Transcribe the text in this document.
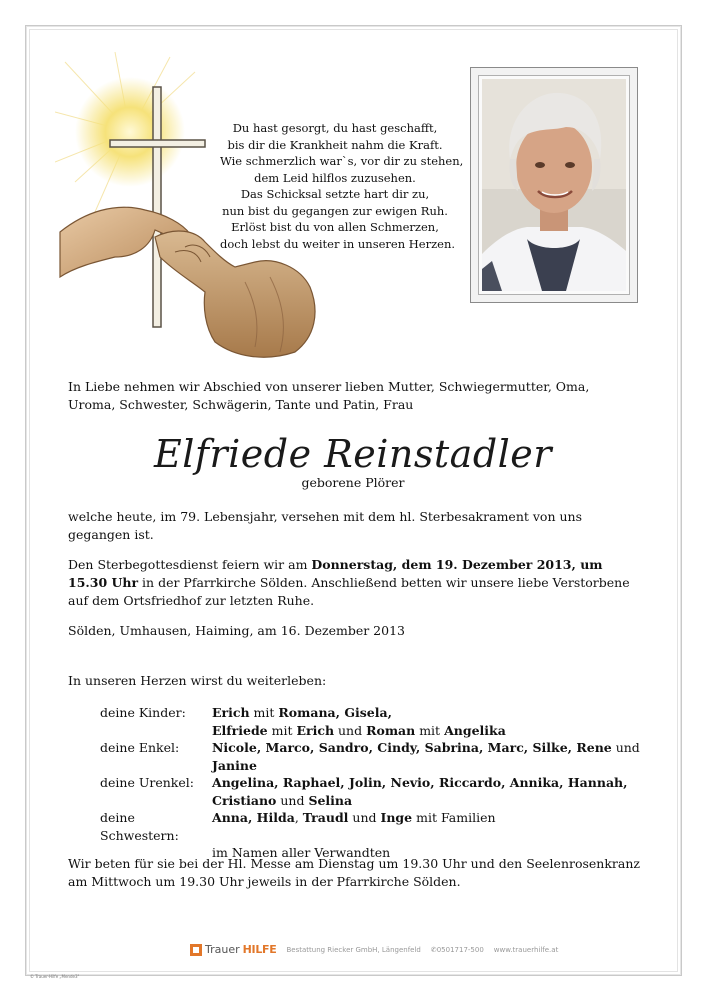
Du hast gesorgt, du hast geschafft,
bis dir die Krankheit nahm die Kraft.
Wie schmerzlich war`s, vor dir zu stehen,
dem Leid hilflos zuzusehen.
Das Schicksal setzte hart dir zu,
nun bist du gegangen zur ewigen Ruh.
Erlöst bist du von allen Schmerzen,
doch lebst du weiter in unseren Herzen.
In Liebe nehmen wir Abschied von unserer lieben Mutter, Schwiegermutter, Oma, Uroma, Schwester, Schwägerin, Tante und Patin, Frau
Elfriede Reinstadler
geborene Plörer
welche heute, im 79. Lebensjahr, versehen mit dem hl. Sterbesakrament von uns gegangen ist.
Den Sterbegottesdienst feiern wir am Donnerstag, dem 19. Dezember 2013, um 15.30 Uhr in der Pfarrkirche Sölden. Anschließend betten wir unsere liebe Verstorbene auf dem Ortsfriedhof zur letzten Ruhe.
Sölden, Umhausen, Haiming, am 16. Dezember 2013
In unseren Herzen wirst du weiterleben:
deine Kinder:	Erich mit Romana, Gisela,
Elfriede mit Erich und Roman mit Angelika
deine Enkel:	Nicole, Marco, Sandro, Cindy, Sabrina, Marc, Silke, Rene und Janine
deine Urenkel:	Angelina, Raphael, Jolin, Nevio, Riccardo, Annika, Hannah,
Cristiano und Selina
deine Schwestern:
Anna, Hilda, Traudl und Inge mit Familien
im Namen aller Verwandten
Wir beten für sie bei der Hl. Messe am Dienstag um 19.30 Uhr und den Seelenrosenkranz am Mittwoch um 19.30 Uhr jeweils in der Pfarrkirche Sölden.
Trauer HILFE Bestattung Riecker GmbH, Längenfeld ✆0501717-500 www.trauerhilfe.at
© Trauer-Hilfe „Mende3"
